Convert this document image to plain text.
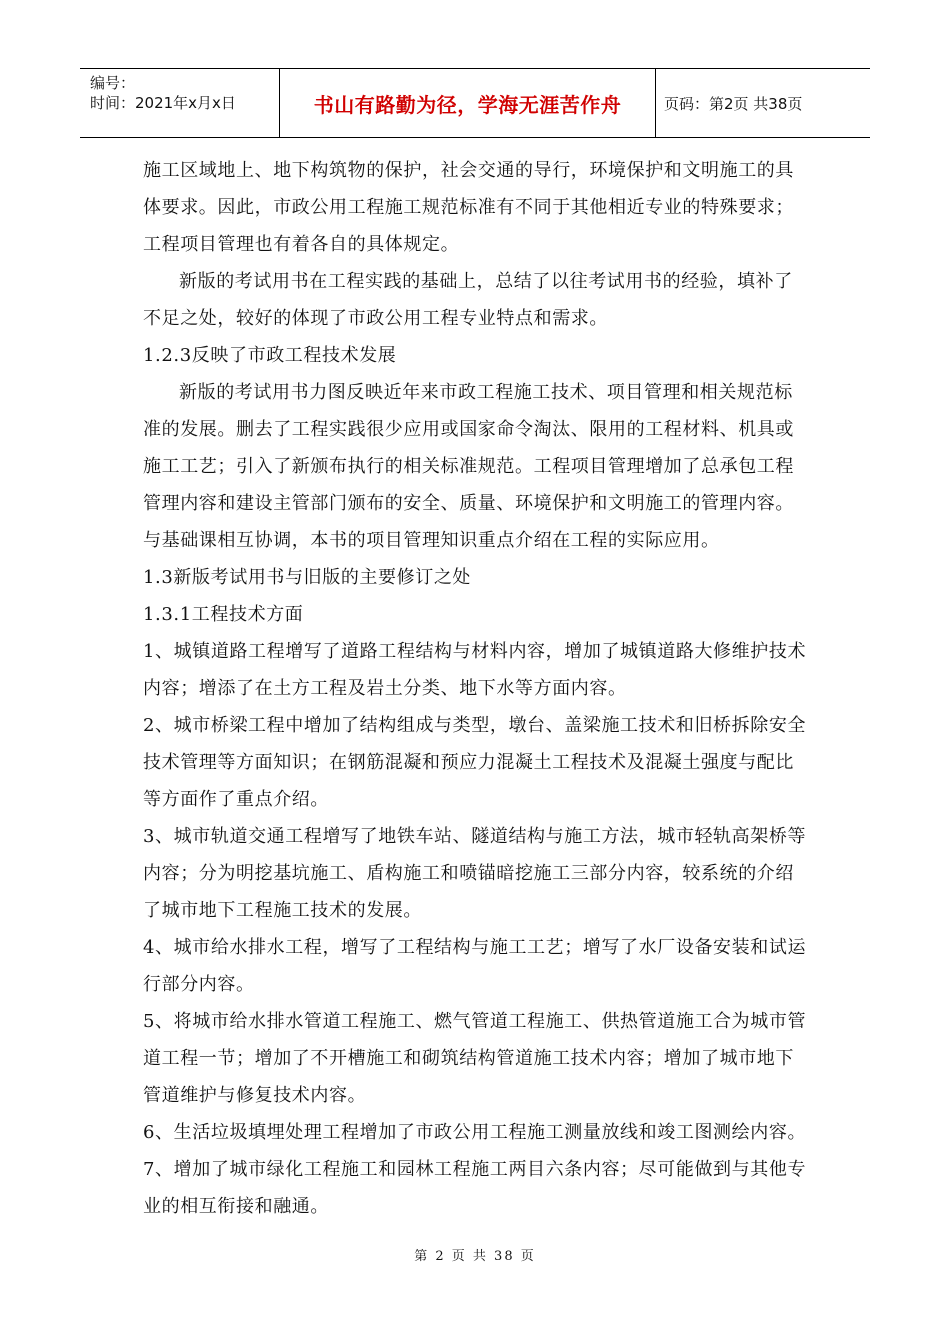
编号：
时间：2021年x月x日	书山有路勤为径，学海无涯苦作舟	页码：第2页 共38页

施工区域地上、地下构筑物的保护，社会交通的导行，环境保护和文明施工的具体要求。因此，市政公用工程施工规范标准有不同于其他相近专业的特殊要求；工程项目管理也有着各自的具体规定。

新版的考试用书在工程实践的基础上，总结了以往考试用书的经验，填补了不足之处，较好的体现了市政公用工程专业特点和需求。

1.2.3反映了市政工程技术发展

新版的考试用书力图反映近年来市政工程施工技术、项目管理和相关规范标准的发展。删去了工程实践很少应用或国家命令淘汰、限用的工程材料、机具或施工工艺；引入了新颁布执行的相关标准规范。工程项目管理增加了总承包工程管理内容和建设主管部门颁布的安全、质量、环境保护和文明施工的管理内容。与基础课相互协调，本书的项目管理知识重点介绍在工程的实际应用。

1.3新版考试用书与旧版的主要修订之处

1.3.1工程技术方面

1、城镇道路工程增写了道路工程结构与材料内容，增加了城镇道路大修维护技术内容；增添了在土方工程及岩土分类、地下水等方面内容。

2、城市桥梁工程中增加了结构组成与类型，墩台、盖梁施工技术和旧桥拆除安全技术管理等方面知识；在钢筋混凝和预应力混凝土工程技术及混凝土强度与配比等方面作了重点介绍。

3、城市轨道交通工程增写了地铁车站、隧道结构与施工方法，城市轻轨高架桥等内容；分为明挖基坑施工、盾构施工和喷锚暗挖施工三部分内容，较系统的介绍了城市地下工程施工技术的发展。

4、城市给水排水工程，增写了工程结构与施工工艺；增写了水厂设备安装和试运行部分内容。

5、将城市给水排水管道工程施工、燃气管道工程施工、供热管道施工合为城市管道工程一节；增加了不开槽施工和砌筑结构管道施工技术内容；增加了城市地下管道维护与修复技术内容。

6、生活垃圾填埋处理工程增加了市政公用工程施工测量放线和竣工图测绘内容。

7、增加了城市绿化工程施工和园林工程施工两目六条内容；尽可能做到与其他专业的相互衔接和融通。

第 2 页 共 38 页
